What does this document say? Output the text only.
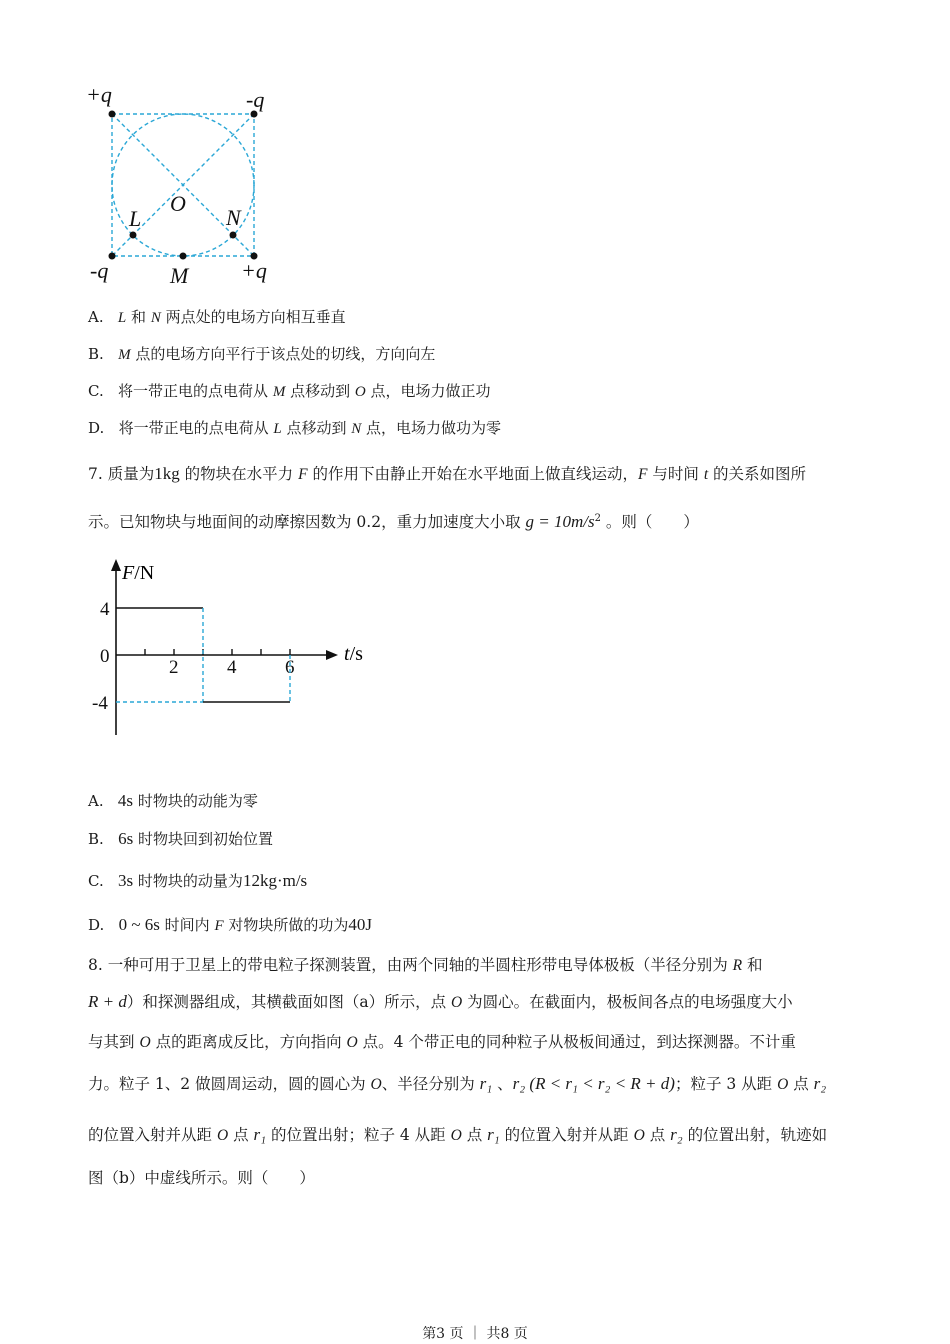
+q	-q
-q	+q
O
L	N
M
A. L 和 N 两点处的电场方向相互垂直
B. M 点的电场方向平行于该点处的切线，方向向左
C. 将一带正电的点电荷从 M 点移动到 O 点，电场力做正功
D. 将一带正电的点电荷从 L 点移动到 N 点，电场力做功为零
7. 质量为1kg 的物块在水平力 F 的作用下由静止开始在水平地面上做直线运动，F 与时间 t 的关系如图所
示。已知物块与地面间的动摩擦因数为 0.2，重力加速度大小取 $g = 10m/s^2$ 。则（　　）
F/N
t/s
2	4	6
4
0
-4
A. 4s 时物块的动能为零
B. 6s 时物块回到初始位置
C. 3s 时物块的动量为12kg·m/s
D. 0 ~ 6s 时间内 F 对物块所做的功为40J
8. 一种可用于卫星上的带电粒子探测装置，由两个同轴的半圆柱形带电导体极板（半径分别为 R 和
R + d）和探测器组成，其横截面如图（a）所示，点 O 为圆心。在截面内，极板间各点的电场强度大小
与其到 O 点的距离成反比，方向指向 O 点。4 个带正电的同种粒子从极板间通过，到达探测器。不计重
力。粒子 1、2 做圆周运动，圆的圆心为 O、半径分别为 r₁ 、r₂ (R < r₁ < r₂ < R + d)；粒子 3 从距 O 点 r₂
的位置入射并从距 O 点 r₁ 的位置出射；粒子 4 从距 O 点 r₁ 的位置入射并从距 O 点 r₂ 的位置出射，轨迹如
图（b）中虚线所示。则（　　）
第3 页 ｜ 共8 页
